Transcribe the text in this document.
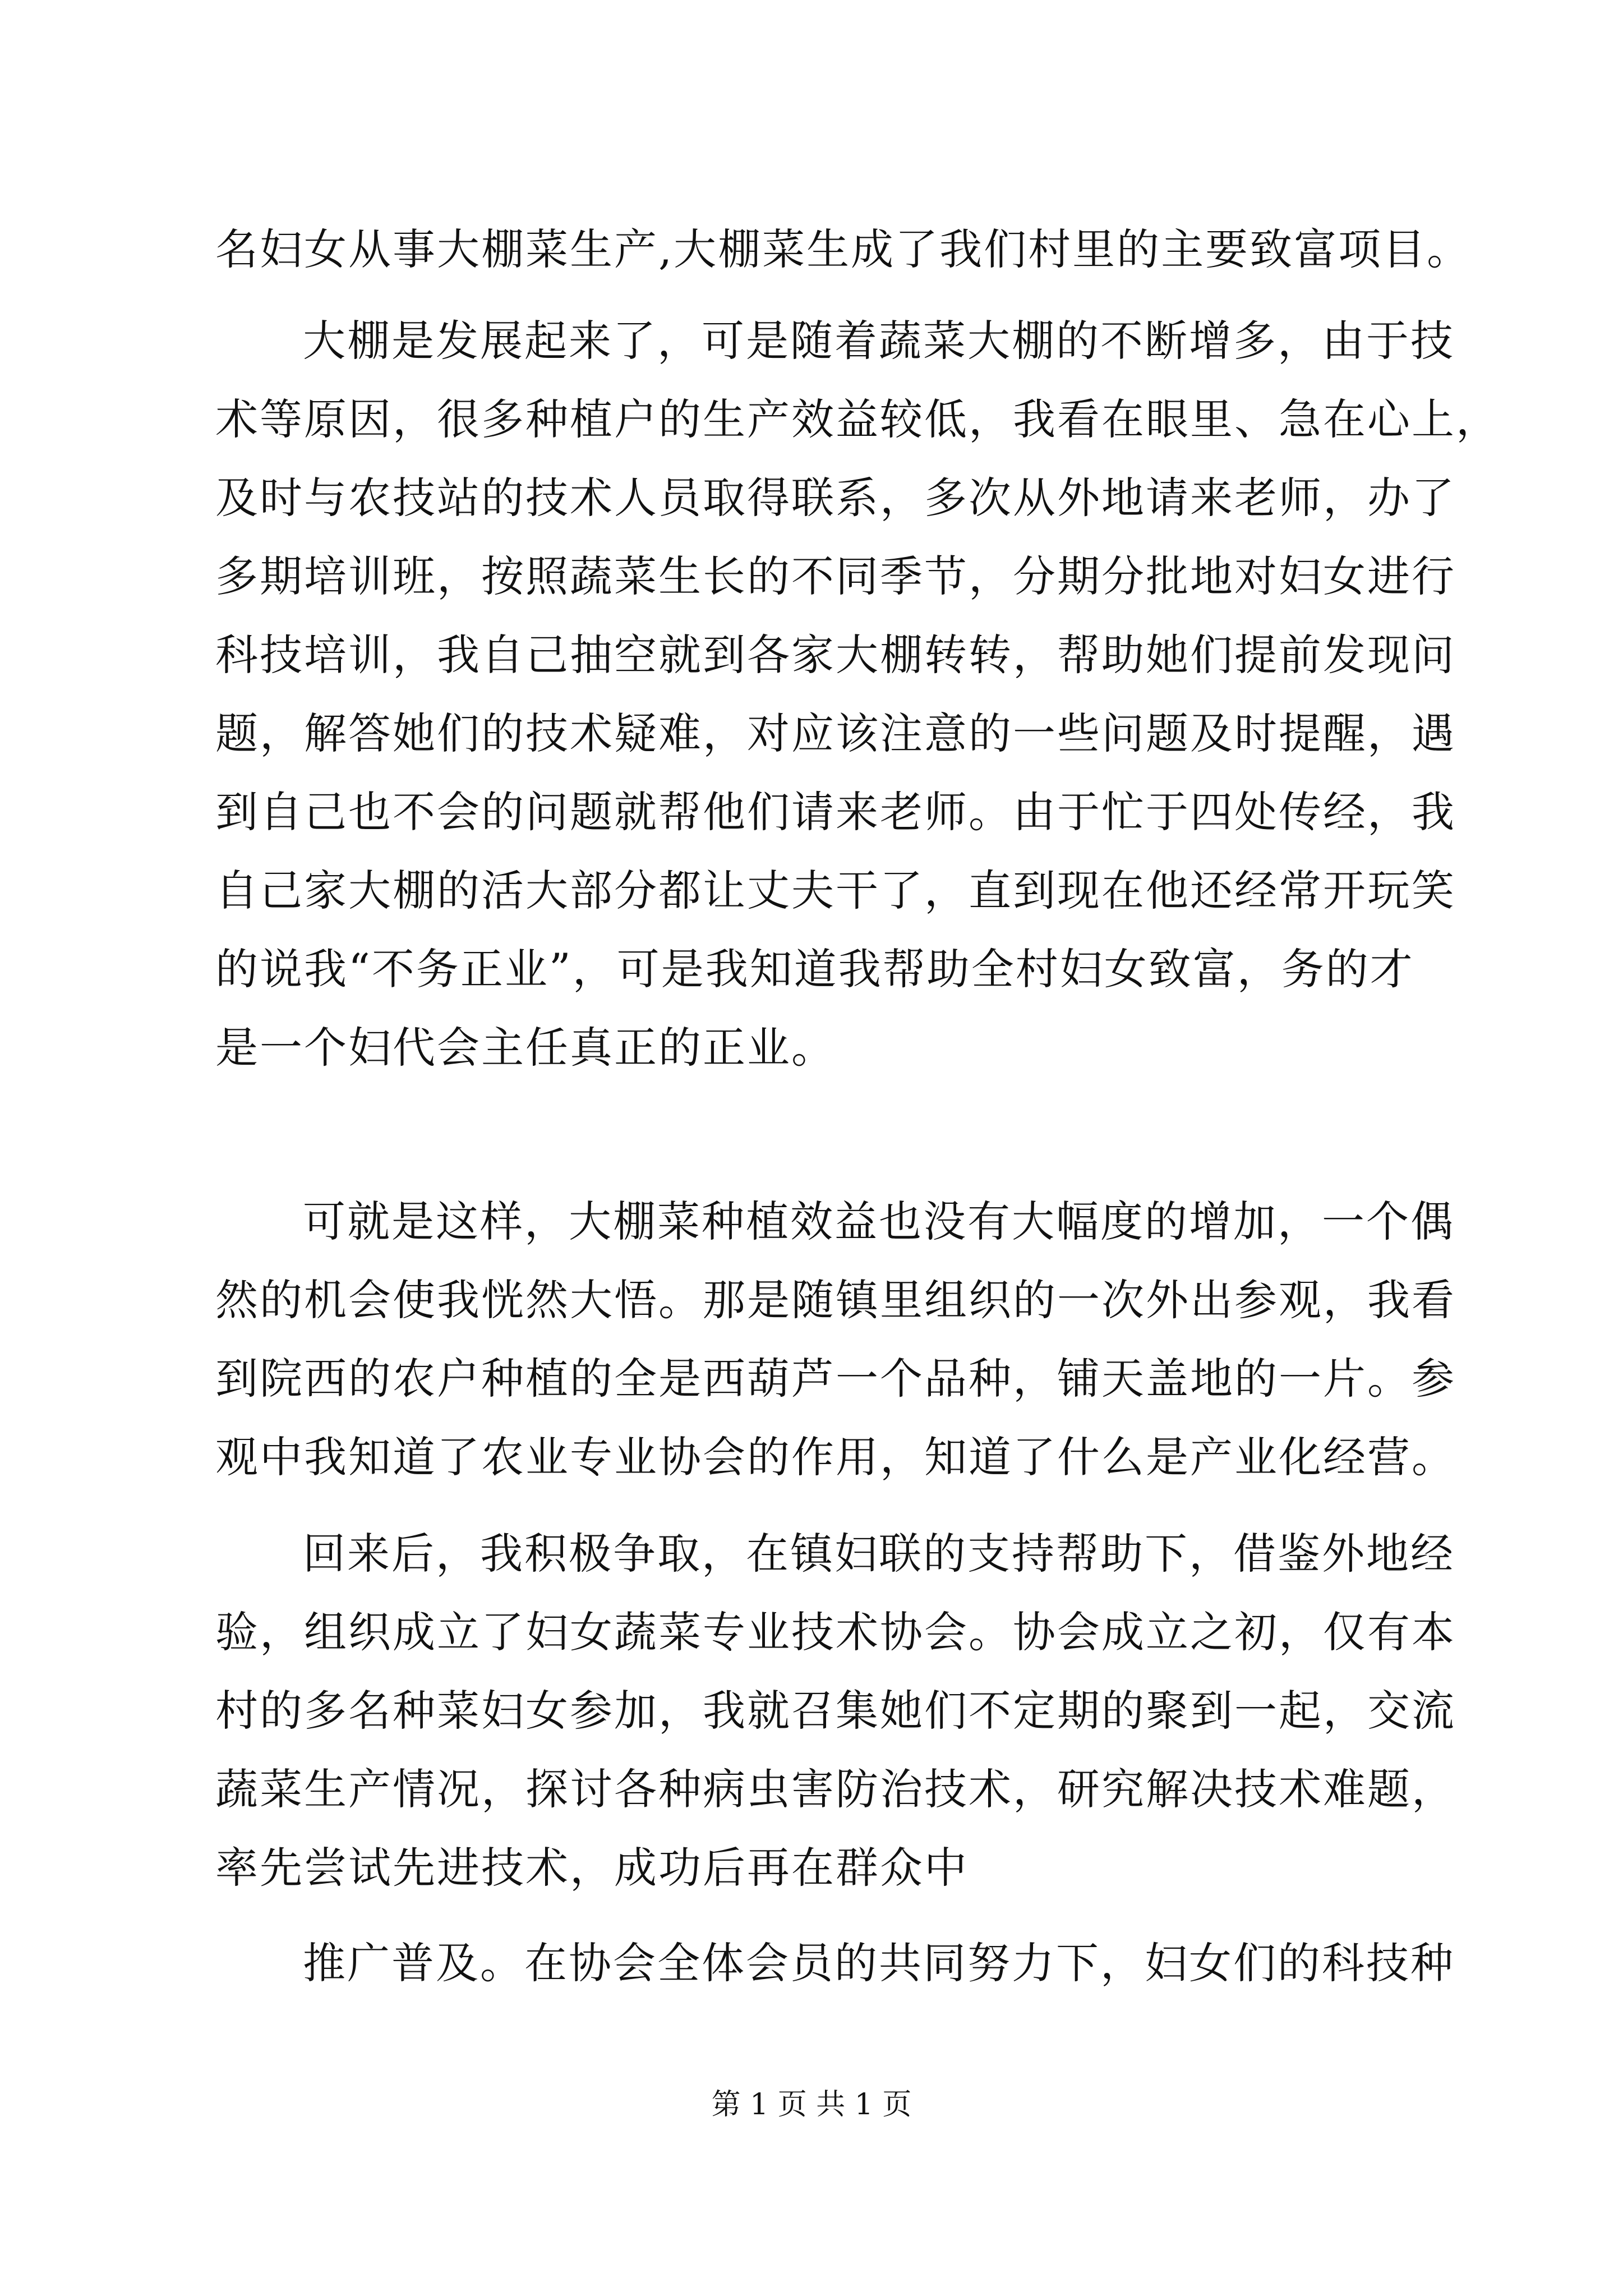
名妇女从事大棚菜生产,大棚菜生成了我们村里的主要致富项目。
大棚是发展起来了，可是随着蔬菜大棚的不断增多，由于技
术等原因，很多种植户的生产效益较低，我看在眼里、急在心上，
及时与农技站的技术人员取得联系，多次从外地请来老师，办了
多期培训班，按照蔬菜生长的不同季节，分期分批地对妇女进行
科技培训，我自己抽空就到各家大棚转转，帮助她们提前发现问
题，解答她们的技术疑难，对应该注意的一些问题及时提醒，遇
到自己也不会的问题就帮他们请来老师。由于忙于四处传经，我
自己家大棚的活大部分都让丈夫干了，直到现在他还经常开玩笑
的说我“不务正业”，可是我知道我帮助全村妇女致富，务的才
是一个妇代会主任真正的正业。
可就是这样，大棚菜种植效益也没有大幅度的增加，一个偶
然的机会使我恍然大悟。那是随镇里组织的一次外出参观，我看
到院西的农户种植的全是西葫芦一个品种，铺天盖地的一片。参
观中我知道了农业专业协会的作用，知道了什么是产业化经营。
回来后，我积极争取，在镇妇联的支持帮助下，借鉴外地经
验，组织成立了妇女蔬菜专业技术协会。协会成立之初，仅有本
村的多名种菜妇女参加，我就召集她们不定期的聚到一起，交流
蔬菜生产情况，探讨各种病虫害防治技术，研究解决技术难题，
率先尝试先进技术，成功后再在群众中
推广普及。在协会全体会员的共同努力下，妇女们的科技种
第 1 页 共 1 页
